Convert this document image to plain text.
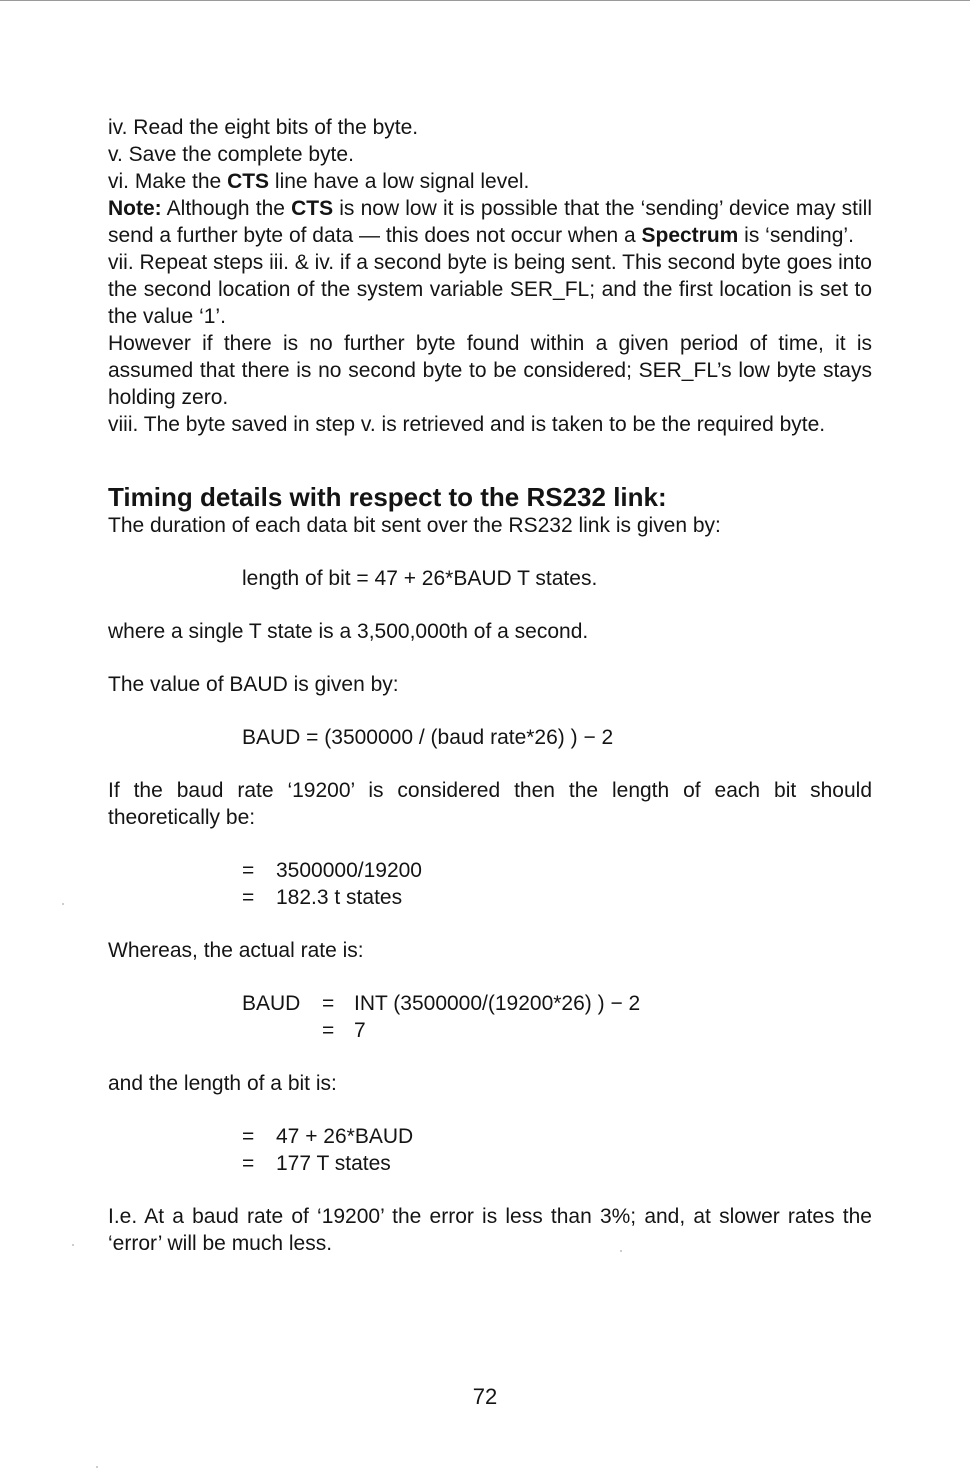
iv. Read the eight bits of the byte.

v. Save the complete byte.

vi. Make the CTS line have a low signal level.

Note: Although the CTS is now low it is possible that the ‘sending’ device may still send a further byte of data — this does not occur when a Spectrum is ‘sending’.

vii. Repeat steps iii. & iv. if a second byte is being sent. This second byte goes into the second location of the system variable SER_FL; and the first location is set to the value ‘1’.

However if there is no further byte found within a given period of time, it is assumed that there is no second byte to be considered; SER_FL’s low byte stays holding zero.

viii. The byte saved in step v. is retrieved and is taken to be the required byte.

Timing details with respect to the RS232 link:

The duration of each data bit sent over the RS232 link is given by:

length of bit = 47 + 26*BAUD T states.

where a single T state is a 3,500,000th of a second.

The value of BAUD is given by:

BAUD = (3500000 / (baud rate*26) ) − 2

If the baud rate ‘19200’ is considered then the length of each bit should theoretically be:

=	3500000/19200
=	182.3 t states

Whereas, the actual rate is:

BAUD	= INT (3500000/(19200*26) ) − 2
= 7

and the length of a bit is:

=	47 + 26*BAUD
=	177 T states

I.e. At a baud rate of ‘19200’ the error is less than 3%; and, at slower rates the ‘error’ will be much less.

72
